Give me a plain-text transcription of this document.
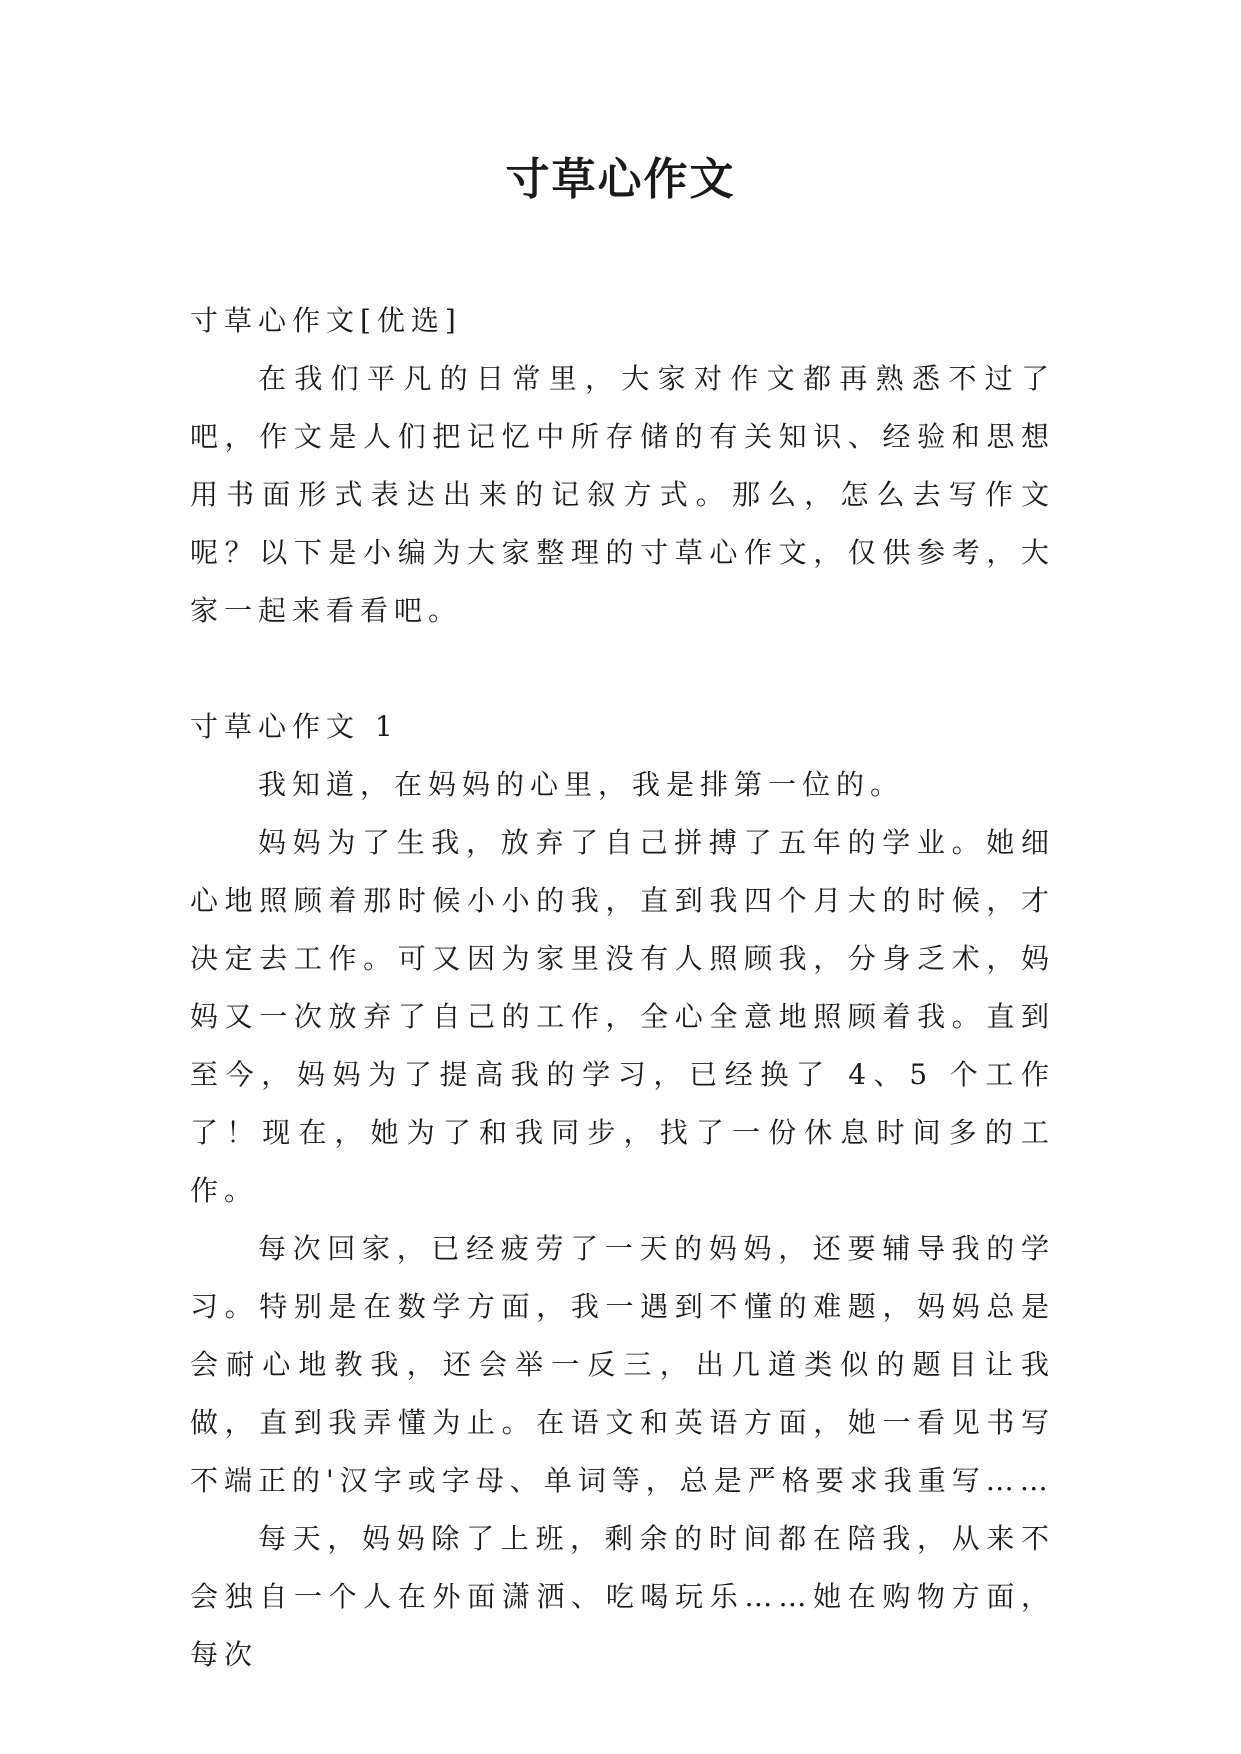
寸草心作文

寸草心作文[优选]

在我们平凡的日常里，大家对作文都再熟悉不过了吧，作文是人们把记忆中所存储的有关知识、经验和思想用书面形式表达出来的记叙方式。那么，怎么去写作文呢？以下是小编为大家整理的寸草心作文，仅供参考，大家一起来看看吧。

寸草心作文 1

我知道，在妈妈的心里，我是排第一位的。

妈妈为了生我，放弃了自己拼搏了五年的学业。她细心地照顾着那时候小小的我，直到我四个月大的时候，才决定去工作。可又因为家里没有人照顾我，分身乏术，妈妈又一次放弃了自己的工作，全心全意地照顾着我。直到至今，妈妈为了提高我的学习，已经换了 4、5 个工作了！现在，她为了和我同步，找了一份休息时间多的工作。

每次回家，已经疲劳了一天的妈妈，还要辅导我的学习。特别是在数学方面，我一遇到不懂的难题，妈妈总是会耐心地教我，还会举一反三，出几道类似的题目让我做，直到我弄懂为止。在语文和英语方面，她一看见书写不端正的'汉字或字母、单词等，总是严格要求我重写……

每天，妈妈除了上班，剩余的时间都在陪我，从来不会独自一个人在外面潇洒、吃喝玩乐……她在购物方面，每次
